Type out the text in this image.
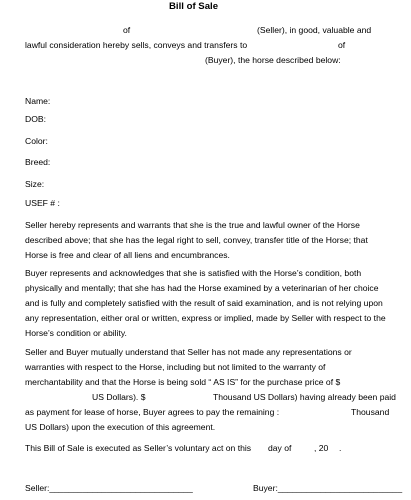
Bill of Sale
of	(Seller), in good, valuable and
lawful consideration hereby sells, conveys and transfers to	of
(Buyer), the horse described below:
Name:
DOB:
Color:
Breed:
Size:
USEF # :

Seller hereby represents and warrants that she is the true and lawful owner of the Horse

described above; that she has the legal right to sell, convey, transfer title of the Horse; that

Horse is free and clear of all liens and encumbrances.

Buyer represents and acknowledges that she is satisfied with the Horse’s condition, both

physically and mentally; that she has had the Horse examined by a veterinarian of her choice

and is fully and completely satisfied with the result of said examination, and is not relying upon

any representation, either oral or written, express or implied, made by Seller with respect to the

Horse’s condition or ability.

Seller and Buyer mutually understand that Seller has not made any representations or

warranties with respect to the Horse, including but not limited to the warranty of

merchantability and that the Horse is being sold “ AS IS” for the purchase price of $

US Dollars). $	Thousand US Dollars) having already been paid
as payment for lease of horse, Buyer agrees to pay the remaining :	Thousand
US Dollars) upon the execution of this agreement.
This Bill of Sale is executed as Seller’s voluntary act on this day of	, 20 .
Seller:______________________________	Buyer:__________________________
